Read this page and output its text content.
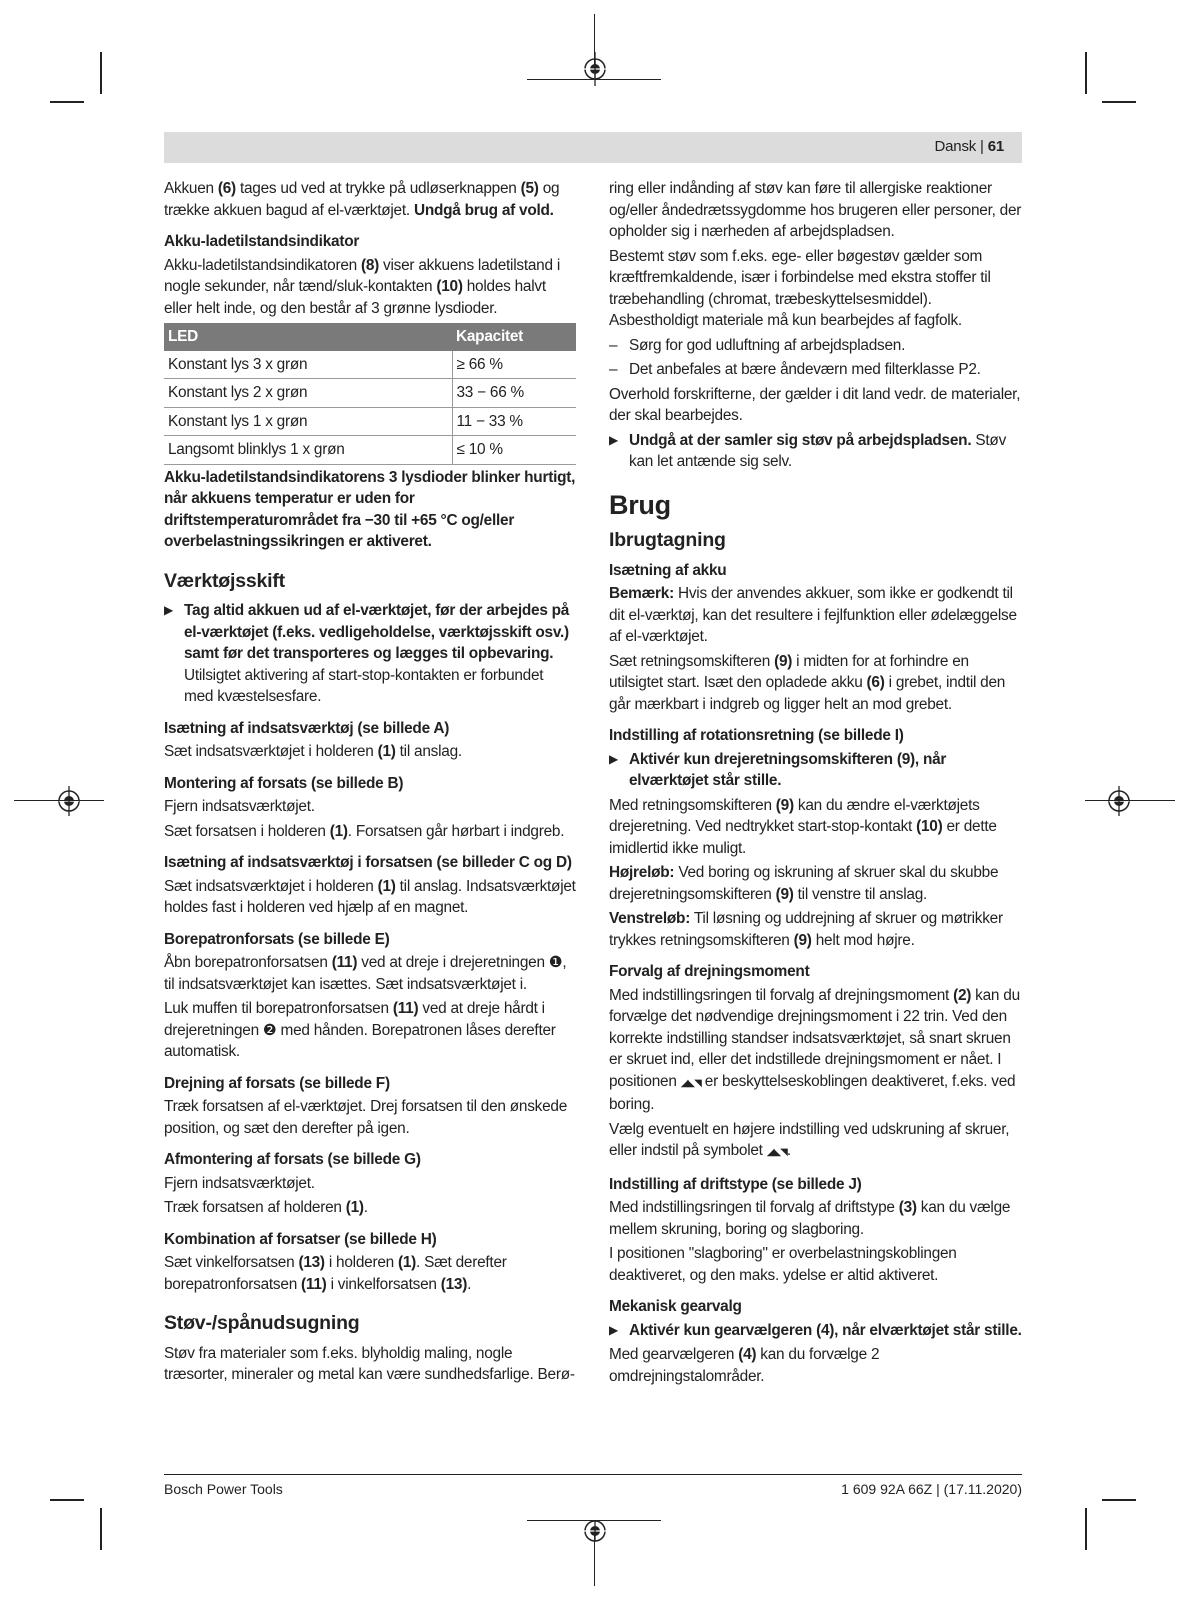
Dansk | 61

Akkuen (6) tages ud ved at trykke på udløserknappen (5) og trække akkuen bagud af el-værktøjet. Undgå brug af vold.

Akku-ladetilstandsindikator

Akku-ladetilstandsindikatoren (8) viser akkuens ladetilstand i nogle sekunder, når tænd/sluk-kontakten (10) holdes halvt eller helt inde, og den består af 3 grønne lysdioder.

LED	Kapacitet
Konstant lys 3 x grøn	≥ 66 %
Konstant lys 2 x grøn	33 − 66 %
Konstant lys 1 x grøn	11 − 33 %
Langsomt blinklys 1 x grøn	≤ 10 %

Akku-ladetilstandsindikatorens 3 lysdioder blinker hurtigt, når akkuens temperatur er uden for driftstemperaturområdet fra −30 til +65 °C og/eller overbelastningssikringen er aktiveret.

Værktøjsskift
▶ Tag altid akkuen ud af el-værktøjet, før der arbejdes på el-værktøjet (f.eks. vedligeholdelse, værktøjsskift osv.) samt før det transporteres og lægges til opbevaring. Utilsigtet aktivering af start-stop-kontakten er forbundet med kvæstelsesfare.
Isætning af indsatsværktøj (se billede A)

Sæt indsatsværktøjet i holderen (1) til anslag.

Montering af forsats (se billede B)

Fjern indsatsværktøjet.

Sæt forsatsen i holderen (1). Forsatsen går hørbart i indgreb.

Isætning af indsatsværktøj i forsatsen (se billeder C og D)

Sæt indsatsværktøjet i holderen (1) til anslag. Indsatsværktøjet holdes fast i holderen ved hjælp af en magnet.

Borepatronforsats (se billede E)

Åbn borepatronforsatsen (11) ved at dreje i drejeretningen ❶, til indsatsværktøjet kan isættes. Sæt indsatsværktøjet i.

Luk muffen til borepatronforsatsen (11) ved at dreje hårdt i drejeretningen ❷ med hånden. Borepatronen låses derefter automatisk.

Drejning af forsats (se billede F)

Træk forsatsen af el-værktøjet. Drej forsatsen til den ønskede position, og sæt den derefter på igen.

Afmontering af forsats (se billede G)

Fjern indsatsværktøjet.

Træk forsatsen af holderen (1).

Kombination af forsatser (se billede H)

Sæt vinkelforsatsen (13) i holderen (1). Sæt derefter borepatronforsatsen (11) i vinkelforsatsen (13).

Støv-/spånudsugning

Støv fra materialer som f.eks. blyholdig maling, nogle træsorter, mineraler og metal kan være sundhedsfarlige. Berø-

ring eller indånding af støv kan føre til allergiske reaktioner og/eller åndedrætssygdomme hos brugeren eller personer, der opholder sig i nærheden af arbejdspladsen.

Bestemt støv som f.eks. ege- eller bøgestøv gælder som kræftfremkaldende, især i forbindelse med ekstra stoffer til træbehandling (chromat, træbeskyttelsesmiddel). Asbestholdigt materiale må kun bearbejdes af fagfolk.

– Sørg for god udluftning af arbejdspladsen.
– Det anbefales at bære åndeværn med filterklasse P2.

Overhold forskrifterne, der gælder i dit land vedr. de materialer, der skal bearbejdes.

▶ Undgå at der samler sig støv på arbejdspladsen. Støv kan let antænde sig selv.
Brug
Ibrugtagning
Isætning af akku

Bemærk: Hvis der anvendes akkuer, som ikke er godkendt til dit el-værktøj, kan det resultere i fejlfunktion eller ødelæggelse af el-værktøjet.

Sæt retningsomskifteren (9) i midten for at forhindre en utilsigtet start. Isæt den opladede akku (6) i grebet, indtil den går mærkbart i indgreb og ligger helt an mod grebet.

Indstilling af rotationsretning (se billede I)
▶ Aktivér kun drejeretningsomskifteren (9), når elværktøjet står stille.

Med retningsomskifteren (9) kan du ændre el-værktøjets drejeretning. Ved nedtrykket start-stop-kontakt (10) er dette imidlertid ikke muligt.

Højreløb: Ved boring og iskruning af skruer skal du skubbe drejeretningsomskifteren (9) til venstre til anslag.

Venstreløb: Til løsning og uddrejning af skruer og møtrikker trykkes retningsomskifteren (9) helt mod højre.

Forvalg af drejningsmoment

Med indstillingsringen til forvalg af drejningsmoment (2) kan du forvælge det nødvendige drejningsmoment i 22 trin. Ved den korrekte indstilling standser indsatsværktøjet, så snart skruen er skruet ind, eller det indstillede drejningsmoment er nået. I positionen ◢◣◥ er beskyttelseskoblingen deaktiveret, f.eks. ved boring.

Vælg eventuelt en højere indstilling ved udskruning af skruer, eller indstil på symbolet ◢◣◥.

Indstilling af driftstype (se billede J)

Med indstillingsringen til forvalg af driftstype (3) kan du vælge mellem skruning, boring og slagboring.

I positionen "slagboring" er overbelastningskoblingen deaktiveret, og den maks. ydelse er altid aktiveret.

Mekanisk gearvalg
▶ Aktivér kun gearvælgeren (4), når elværktøjet står stille.

Med gearvælgeren (4) kan du forvælge 2 omdrejningstalområder.

Bosch Power Tools	1 609 92A 66Z | (17.11.2020)
